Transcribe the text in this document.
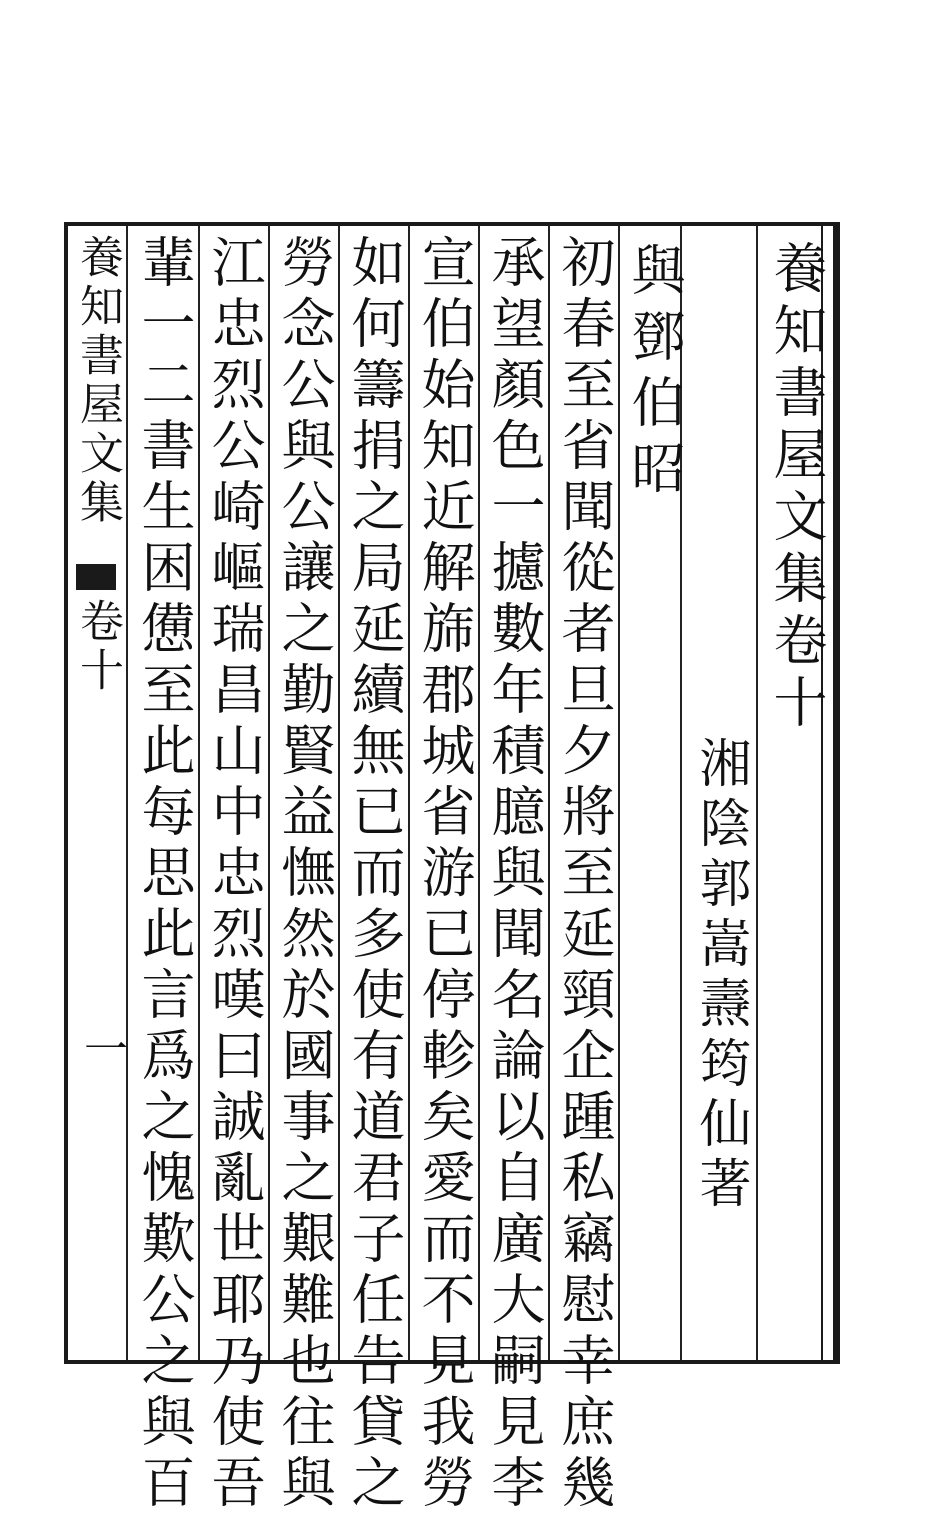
養知書屋文集
卷十
一
養知書屋文集卷十
湘陰郭嵩燾筠仙著
與鄧伯昭
初春至省聞從者旦夕將至延頸企踵私竊慰幸庶幾
承望顏色一攄數年積臆與聞名論以自廣大嗣見李
宣伯始知近解旆郡城省游已停軫矣愛而不見我勞
如何籌捐之局延續無已而多使有道君子任告貸之
勞念公與公讓之勤賢益憮然於國事之艱難也往與
江忠烈公崎嶇瑞昌山中忠烈嘆曰誠亂世耶乃使吾
輩一二書生困憊至此每思此言爲之愧歎公之與百
